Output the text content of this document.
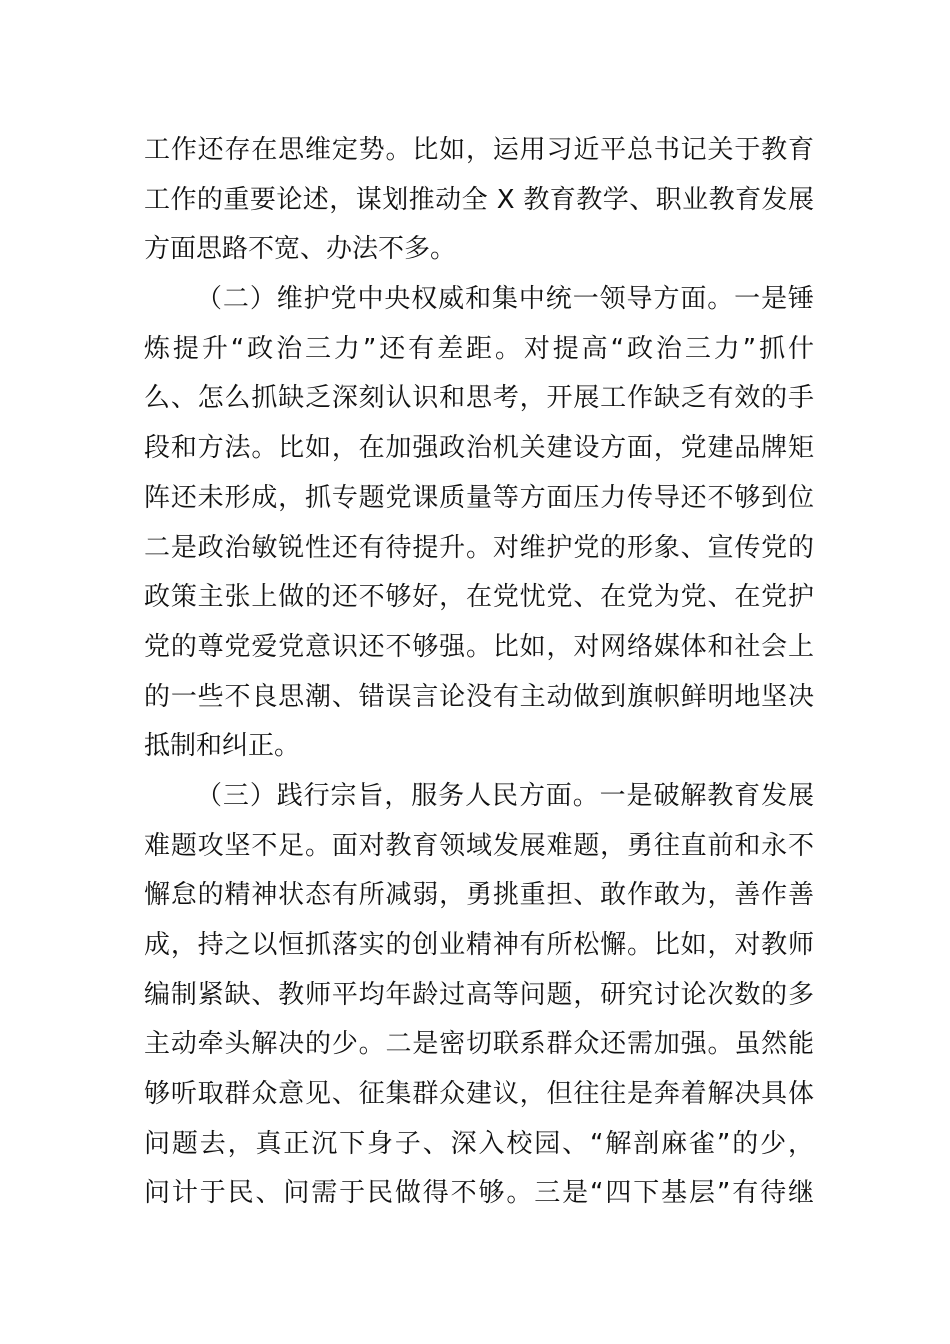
工作还存在思维定势。比如，运用习近平总书记关于教育
工作的重要论述，谋划推动全 X 教育教学、职业教育发展
方面思路不宽、办法不多。
（二）维护党中央权威和集中统一领导方面。一是锤
炼提升“政治三力”还有差距。对提高“政治三力”抓什
么、怎么抓缺乏深刻认识和思考，开展工作缺乏有效的手
段和方法。比如，在加强政治机关建设方面，党建品牌矩
阵还未形成，抓专题党课质量等方面压力传导还不够到位
二是政治敏锐性还有待提升。对维护党的形象、宣传党的
政策主张上做的还不够好，在党忧党、在党为党、在党护
党的尊党爱党意识还不够强。比如，对网络媒体和社会上
的一些不良思潮、错误言论没有主动做到旗帜鲜明地坚决
抵制和纠正。
（三）践行宗旨，服务人民方面。一是破解教育发展
难题攻坚不足。面对教育领域发展难题，勇往直前和永不
懈怠的精神状态有所减弱，勇挑重担、敢作敢为，善作善
成，持之以恒抓落实的创业精神有所松懈。比如，对教师
编制紧缺、教师平均年龄过高等问题，研究讨论次数的多
主动牵头解决的少。二是密切联系群众还需加强。虽然能
够听取群众意见、征集群众建议，但往往是奔着解决具体
问题去，真正沉下身子、深入校园、“解剖麻雀”的少，
问计于民、问需于民做得不够。三是“四下基层”有待继
